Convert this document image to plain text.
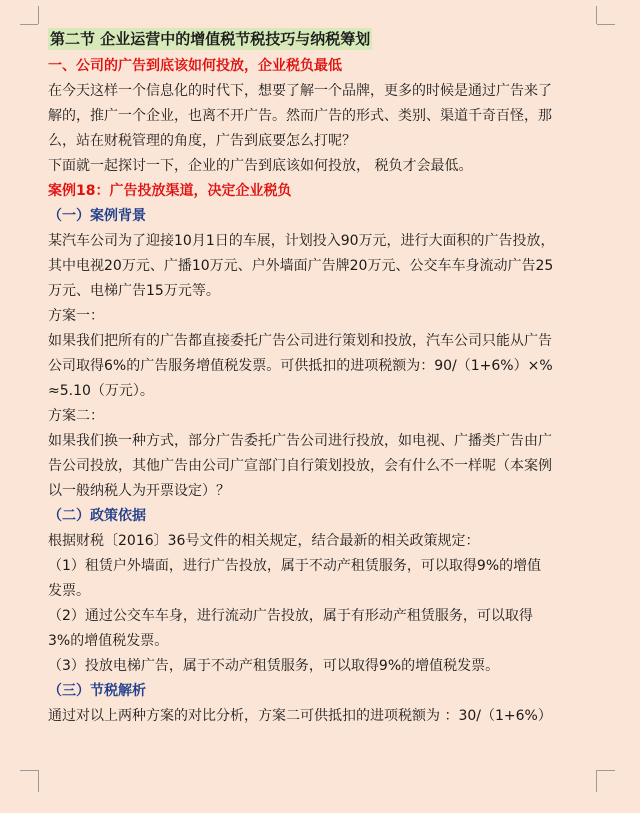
第二节 企业运营中的增值税节税技巧与纳税筹划
一、公司的广告到底该如何投放，企业税负最低
在今天这样一个信息化的时代下，想要了解一个品牌，更多的时候是通过广告来了
解的，推广一个企业，也离不开广告。然而广告的形式、类别、渠道千奇百怪，那
么，站在财税管理的角度，广告到底要怎么打呢？
下面就一起探讨一下，企业的广告到底该如何投放， 税负才会最低。
案例18：广告投放渠道，决定企业税负
（一）案例背景
某汽车公司为了迎接10月1日的车展，计划投入90万元，进行大面积的广告投放，
其中电视20万元、广播10万元、户外墙面广告牌20万元、公交车车身流动广告25
万元、电梯广告15万元等。
方案一：
如果我们把所有的广告都直接委托广告公司进行策划和投放，汽车公司只能从广告
公司取得6%的广告服务增值税发票。可供抵扣的进项税额为：90/（1+6%）×%
≈5.10（万元）。
方案二：
如果我们换一种方式，部分广告委托广告公司进行投放，如电视、广播类广告由广
告公司投放，其他广告由公司广宣部门自行策划投放，会有什么不一样呢（本案例
以一般纳税人为开票设定）？
（二）政策依据
根据财税〔2016〕36号文件的相关规定，结合最新的相关政策规定：
（1）租赁户外墙面，进行广告投放，属于不动产租赁服务，可以取得9%的增值
发票。
（2）通过公交车车身，进行流动广告投放，属于有形动产租赁服务，可以取得
3%的增值税发票。
（3）投放电梯广告，属于不动产租赁服务，可以取得9%的增值税发票。
（三）节税解析
通过对以上两种方案的对比分析，方案二可供抵扣的进项税额为 ：30/（1+6%）
